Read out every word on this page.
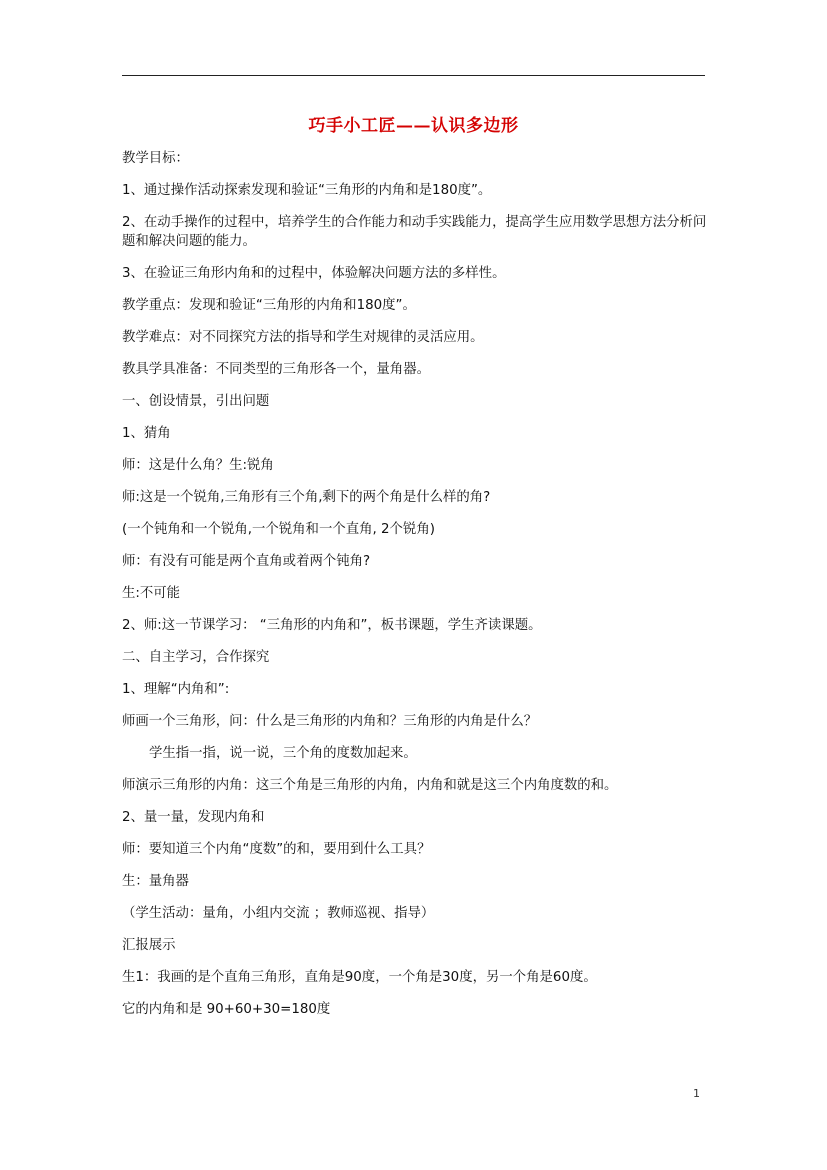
巧手小工匠——认识多边形

教学目标：

1、通过操作活动探索发现和验证“三角形的内角和是180度”。

2、在动手操作的过程中，培养学生的合作能力和动手实践能力，提高学生应用数学思想方法分析问题和解决问题的能力。

3、在验证三角形内角和的过程中，体验解决问题方法的多样性。

教学重点：发现和验证“三角形的内角和180度”。

教学难点：对不同探究方法的指导和学生对规律的灵活应用。

教具学具准备：不同类型的三角形各一个，量角器。

一、创设情景，引出问题

1、猜角

师：这是什么角？生:锐角

师:这是一个锐角,三角形有三个角,剩下的两个角是什么样的角?

(一个钝角和一个锐角,一个锐角和一个直角, 2个锐角)

师：有没有可能是两个直角或着两个钝角?

生:不可能

2、师:这一节课学习： “三角形的内角和”，板书课题，学生齐读课题。

二、自主学习，合作探究

1、理解“内角和”:

师画一个三角形，问：什么是三角形的内角和？三角形的内角是什么？

学生指一指，说一说，三个角的度数加起来。

师演示三角形的内角：这三个角是三角形的内角，内角和就是这三个内角度数的和。

2、量一量，发现内角和

师：要知道三个内角“度数”的和，要用到什么工具？

生：量角器

（学生活动：量角，小组内交流 ；教师巡视、指导）

汇报展示

生1：我画的是个直角三角形，直角是90度，一个角是30度，另一个角是60度。

它的内角和是 90+60+30=180度

1
